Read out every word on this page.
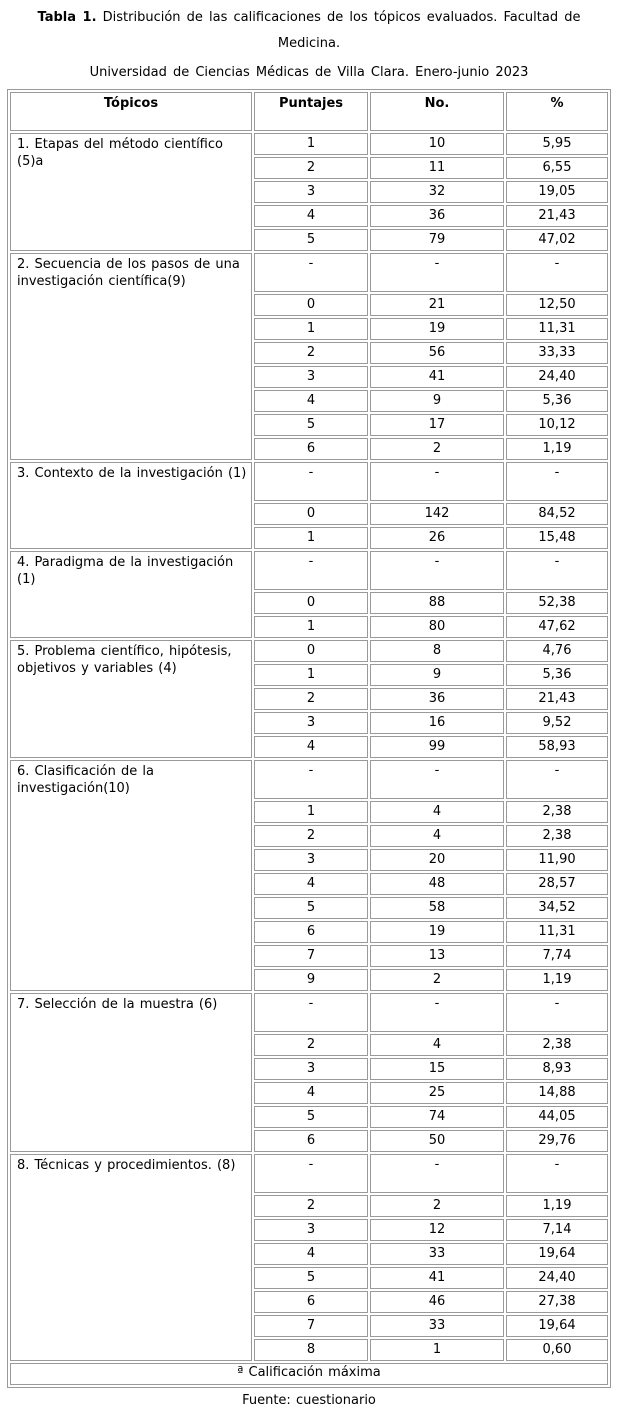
Tabla 1. Distribución de las calificaciones de los tópicos evaluados. Facultad de Medicina.

Universidad de Ciencias Médicas de Villa Clara. Enero-junio 2023

Tópicos	Puntajes	No.	%
1. Etapas del método científico (5)a	1	10	5,95
	2	11	6,55
	3	32	19,05
	4	36	21,43
	5	79	47,02
2. Secuencia de los pasos de una investigación científica(9)	-	-	-
	0	21	12,50
	1	19	11,31
	2	56	33,33
	3	41	24,40
	4	9	5,36
	5	17	10,12
	6	2	1,19
3. Contexto de la investigación (1)	-	-	-
	0	142	84,52
	1	26	15,48
4. Paradigma de la investigación (1)	-	-	-
	0	88	52,38
	1	80	47,62
5. Problema científico, hipótesis, objetivos y variables (4)	0	8	4,76
	1	9	5,36
	2	36	21,43
	3	16	9,52
	4	99	58,93
6. Clasificación de la investigación(10)	-	-	-
	1	4	2,38
	2	4	2,38
	3	20	11,90
	4	48	28,57
	5	58	34,52
	6	19	11,31
	7	13	7,74
	9	2	1,19
7. Selección de la muestra (6)	-	-	-
	2	4	2,38
	3	15	8,93
	4	25	14,88
	5	74	44,05
	6	50	29,76
8. Técnicas y procedimientos. (8)	-	-	-
	2	2	1,19
	3	12	7,14
	4	33	19,64
	5	41	24,40
	6	46	27,38
	7	33	19,64
	8	1	0,60
ª Calificación máxima			

Fuente: cuestionario
